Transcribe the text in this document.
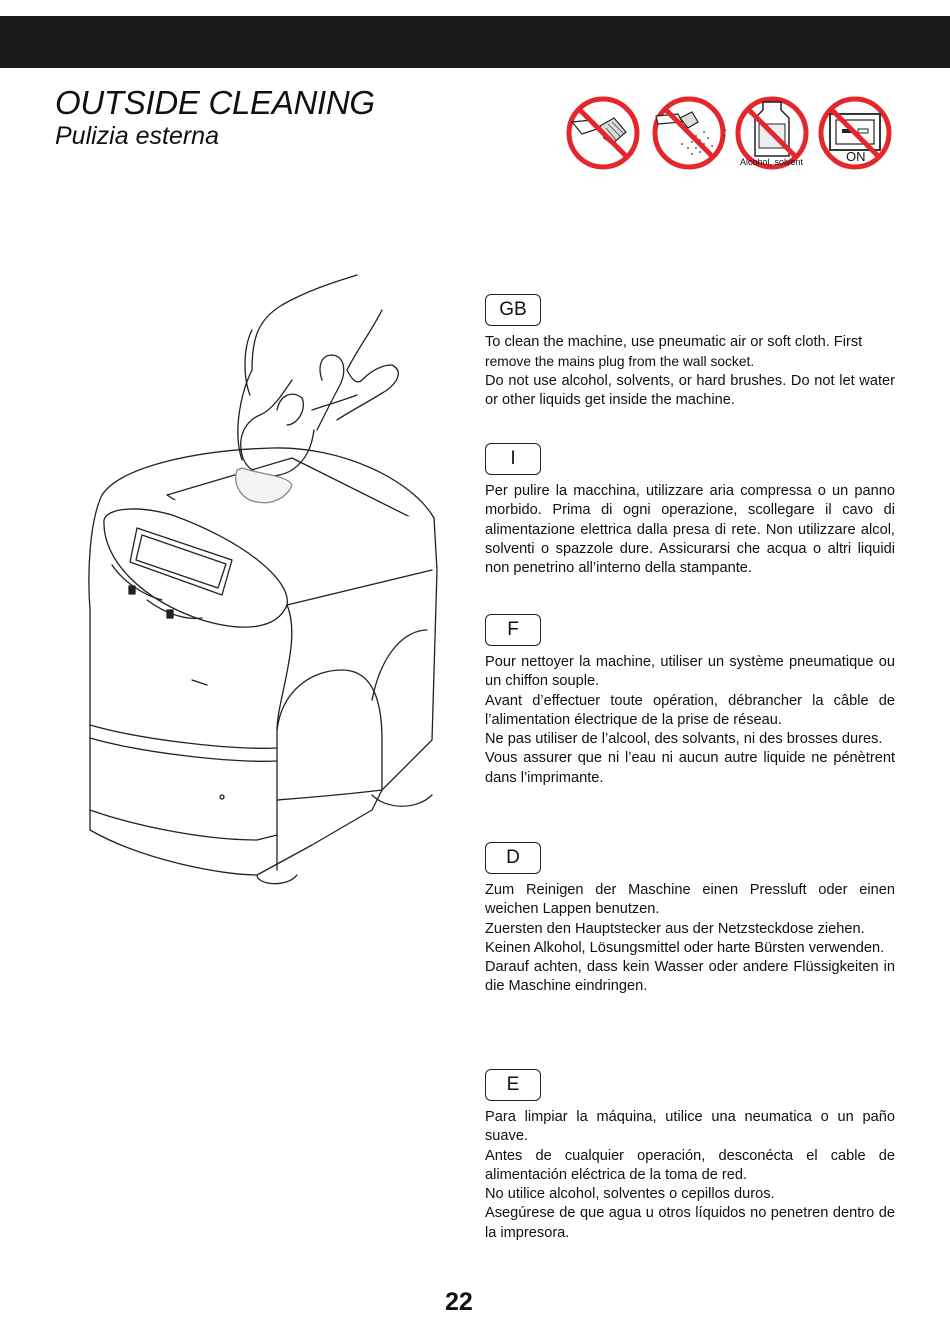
OUTSIDE CLEANING
Pulizia esterna
Alcohol, solvent	ON
GB

To clean the machine, use pneumatic air or soft cloth. First

remove the mains plug from the wall socket.

Do not use alcohol, solvents, or hard brushes. Do not let water or other liquids get inside the machine.

I

Per pulire la macchina, utilizzare aria compressa o un panno morbido. Prima di ogni operazione, scollegare il cavo di alimentazione elettrica dalla presa di rete. Non utilizzare alcol, solventi o spazzole dure. Assicurarsi che acqua o altri liquidi non penetrino all’interno della stampante.

F

Pour nettoyer la machine, utiliser un système pneumatique ou un chiffon souple.

Avant d’effectuer toute opération, débrancher la câble de l’alimentation électrique de la prise de réseau.

Ne pas utiliser de l’alcool, des solvants, ni des brosses dures.

Vous assurer que ni l’eau ni aucun autre liquide ne pénètrent dans l’imprimante.

D

Zum Reinigen der Maschine einen Pressluft oder einen weichen Lappen benutzen.

Zuersten den Hauptstecker aus der Netzsteckdose ziehen.

Keinen Alkohol, Lösungsmittel oder harte Bürsten verwenden.

Darauf achten, dass kein Wasser oder andere Flüssigkeiten in die Maschine eindringen.

E

Para limpiar la máquina, utilice una neumatica o un paño suave.

Antes de cualquier operación, desconécta el cable de alimentación eléctrica de la toma de red.

No utilice alcohol, solventes o cepillos duros.

Asegúrese de que agua u otros líquidos no penetren dentro de la impresora.

22
